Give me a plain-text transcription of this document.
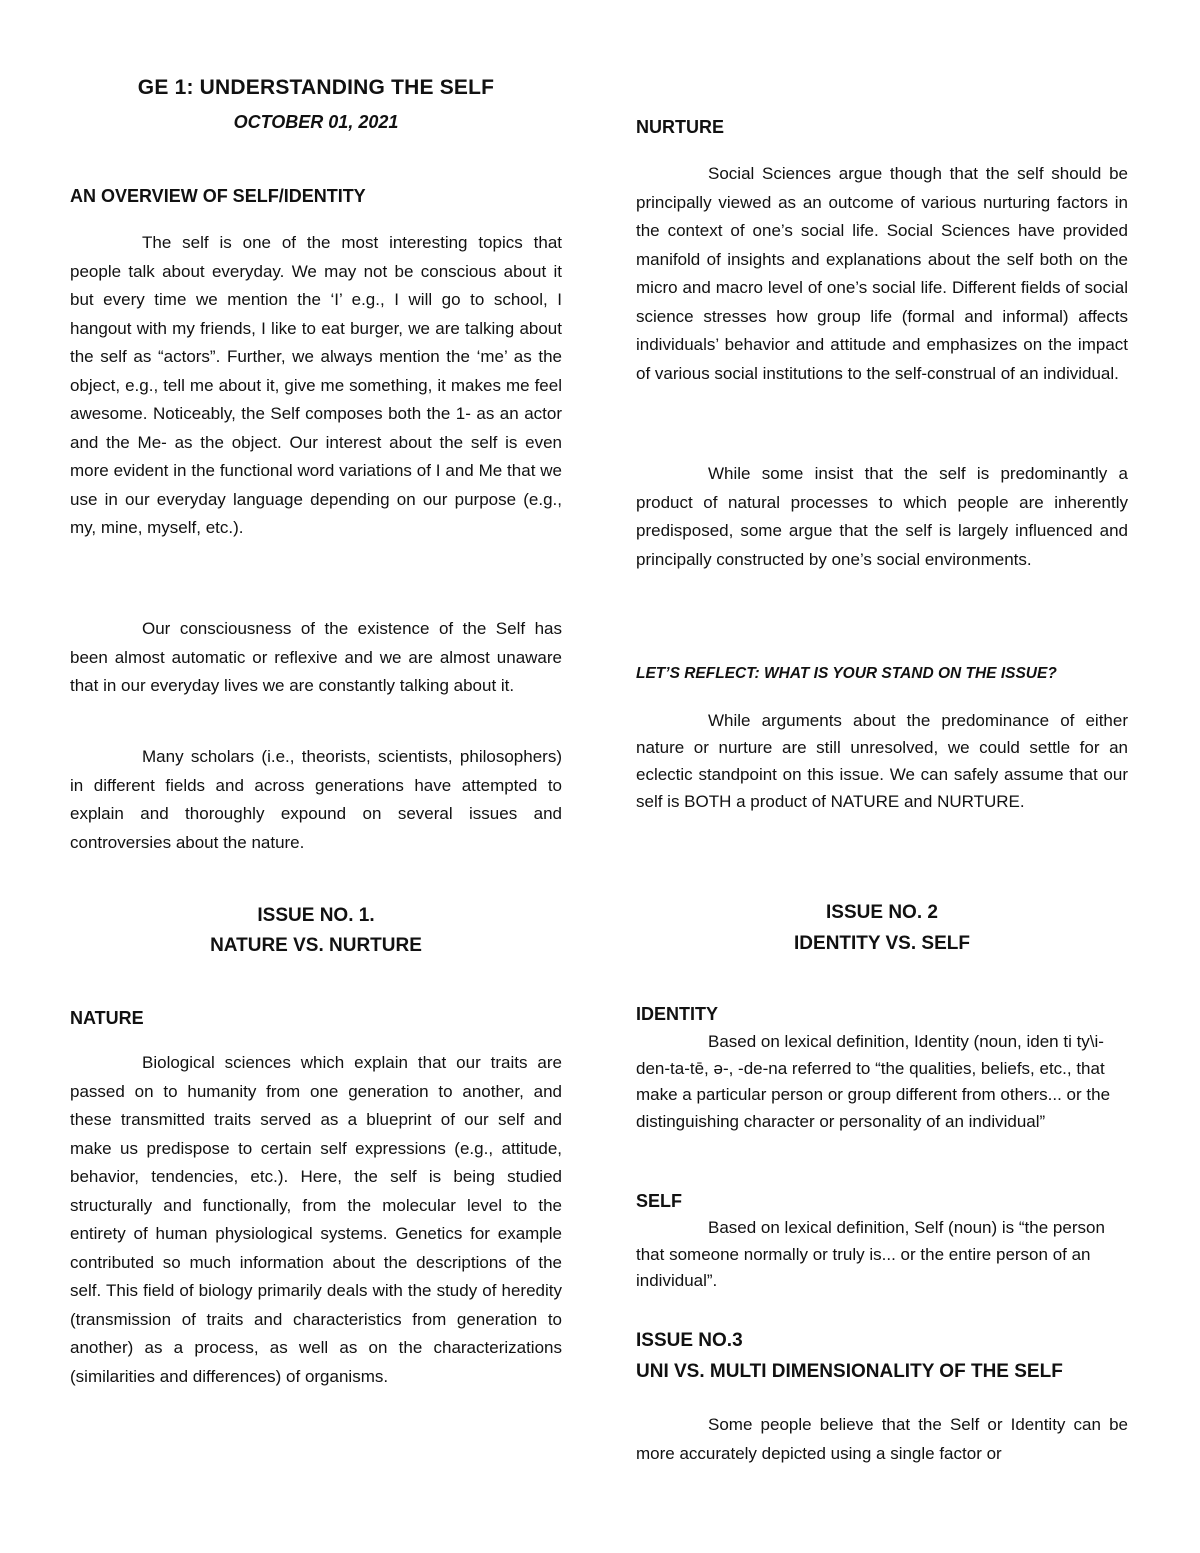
GE 1: UNDERSTANDING THE SELF
OCTOBER 01, 2021
AN OVERVIEW OF SELF/IDENTITY

The self is one of the most interesting topics that people talk about everyday. We may not be conscious about it but every time we mention the ‘I’ e.g., I will go to school, I hangout with my friends, I like to eat burger, we are talking about the self as “actors”. Further, we always mention the ‘me’ as the object, e.g., tell me about it, give me something, it makes me feel awesome. Noticeably, the Self composes both the 1- as an actor and the Me- as the object. Our interest about the self is even more evident in the functional word variations of I and Me that we use in our everyday language depending on our purpose (e.g., my, mine, myself, etc.).

Our consciousness of the existence of the Self has been almost automatic or reflexive and we are almost unaware that in our everyday lives we are constantly talking about it.

Many scholars (i.e., theorists, scientists, philosophers) in different fields and across generations have attempted to explain and thoroughly expound on several issues and controversies about the nature.

ISSUE NO. 1.
NATURE VS. NURTURE
NATURE

Biological sciences which explain that our traits are passed on to humanity from one generation to another, and these transmitted traits served as a blueprint of our self and make us predispose to certain self expressions (e.g., attitude, behavior, tendencies, etc.). Here, the self is being studied structurally and functionally, from the molecular level to the entirety of human physiological systems. Genetics for example contributed so much information about the descriptions of the self. This field of biology primarily deals with the study of heredity (transmission of traits and characteristics from generation to another) as a process, as well as on the characterizations (similarities and differences) of organisms.

NURTURE

Social Sciences argue though that the self should be principally viewed as an outcome of various nurturing factors in the context of one’s social life. Social Sciences have provided manifold of insights and explanations about the self both on the micro and macro level of one’s social life. Different fields of social science stresses how group life (formal and informal) affects individuals’ behavior and attitude and emphasizes on the impact of various social institutions to the self-construal of an individual.

While some insist that the self is predominantly a product of natural processes to which people are inherently predisposed, some argue that the self is largely influenced and principally constructed by one’s social environments.

LET’S REFLECT: WHAT IS YOUR STAND ON THE ISSUE?

While arguments about the predominance of either nature or nurture are still unresolved, we could settle for an eclectic standpoint on this issue. We can safely assume that our self is BOTH a product of NATURE and NURTURE.

ISSUE NO. 2
IDENTITY VS. SELF
IDENTITY

Based on lexical definition, Identity (noun, iden ti ty\i-den-ta-tē, ə-, -de-na referred to “the qualities, beliefs, etc., that make a particular person or group different from others... or the distinguishing character or personality of an individual”

SELF

Based on lexical definition, Self (noun) is “the person that someone normally or truly is... or the entire person of an individual”.

ISSUE NO.3
UNI VS. MULTI DIMENSIONALITY OF THE SELF

Some people believe that the Self or Identity can be more accurately depicted using a single factor or
